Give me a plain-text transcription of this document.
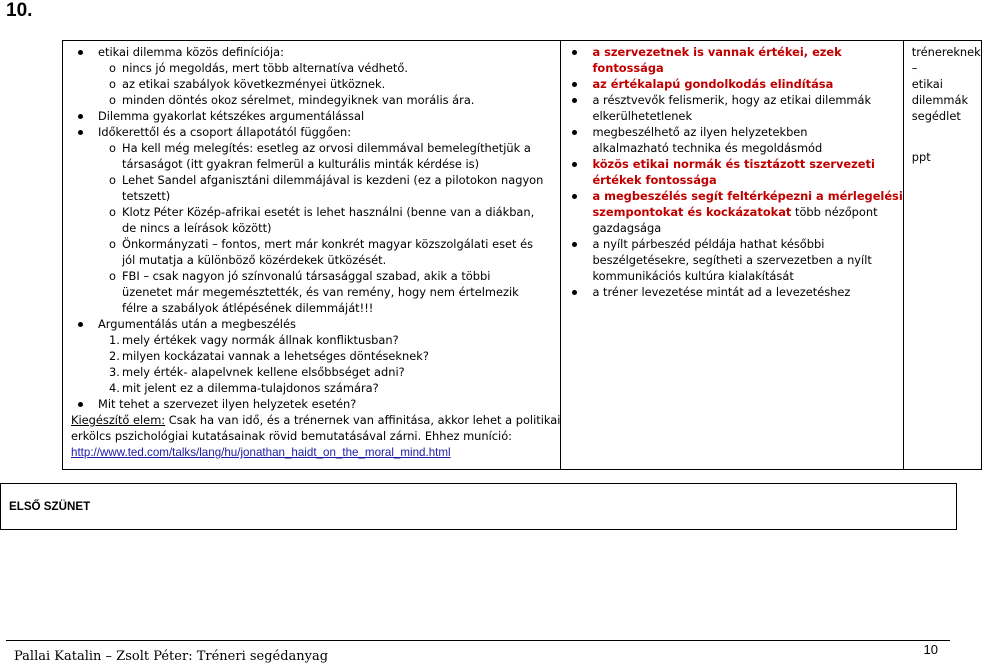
10.
etikai dilemma közös definíciója:
o nincs jó megoldás, mert több alternatíva védhető.
o az etikai szabályok következményei ütköznek.
o minden döntés okoz sérelmet, mindegyiknek van morális ára.
Dilemma gyakorlat kétszékes argumentálással
Időkerettől és a csoport állapotától függően:
o Ha kell még melegítés: esetleg az orvosi dilemmával bemelegíthetjük a
társaságot (itt gyakran felmerül a kulturális minták kérdése is)
o Lehet Sandel afganisztáni dilemmájával is kezdeni (ez a pilotokon nagyon
tetszett)
o Klotz Péter Közép-afrikai esetét is lehet használni (benne van a diákban,
de nincs a leírások között)
o Önkormányzati – fontos, mert már konkrét magyar közszolgálati eset és
jól mutatja a különböző közérdekek ütközését.
o FBI – csak nagyon jó színvonalú társasággal szabad, akik a többi
üzenetet már megemésztették, és van remény, hogy nem értelmezik
félre a szabályok átlépésének dilemmáját!!!
Argumentálás után a megbeszélés
1. mely értékek vagy normák állnak konfliktusban?
2. milyen kockázatai vannak a lehetséges döntéseknek?
3. mely érték- alapelvnek kellene elsőbbséget adni?
4. mit jelent ez a dilemma-tulajdonos számára?
Mit tehet a szervezet ilyen helyzetek esetén?
Kiegészítő elem: Csak ha van idő, és a trénernek van affinitása, akkor lehet a politikai
erkölcs pszichológiai kutatásainak rövid bemutatásával zárni. Ehhez muníció:
http://www.ted.com/talks/lang/hu/jonathan_haidt_on_the_moral_mind.html

a szervezetnek is vannak értékei, ezek
fontossága
az értékalapú gondolkodás elindítása
a résztvevők felismerik, hogy az etikai dilemmák
elkerülhetetlenek
megbeszélhető az ilyen helyzetekben
alkalmazható technika és megoldásmód
közös etikai normák és tisztázott szervezeti
értékek fontossága
a megbeszélés segít feltérképezni a mérlegelési
szempontokat és kockázatokat több nézőpont
gazdagsága
a nyílt párbeszéd példája hathat későbbi
beszélgetésekre, segítheti a szervezetben a nyílt
kommunikációs kultúra kialakítását
a tréner levezetése mintát ad a levezetéshez

trénereknek –
etikai dilemmák
segédlet
ppt
ELSŐ SZÜNET
Pallai Katalin – Zsolt Péter: Tréneri segédanyag	10
